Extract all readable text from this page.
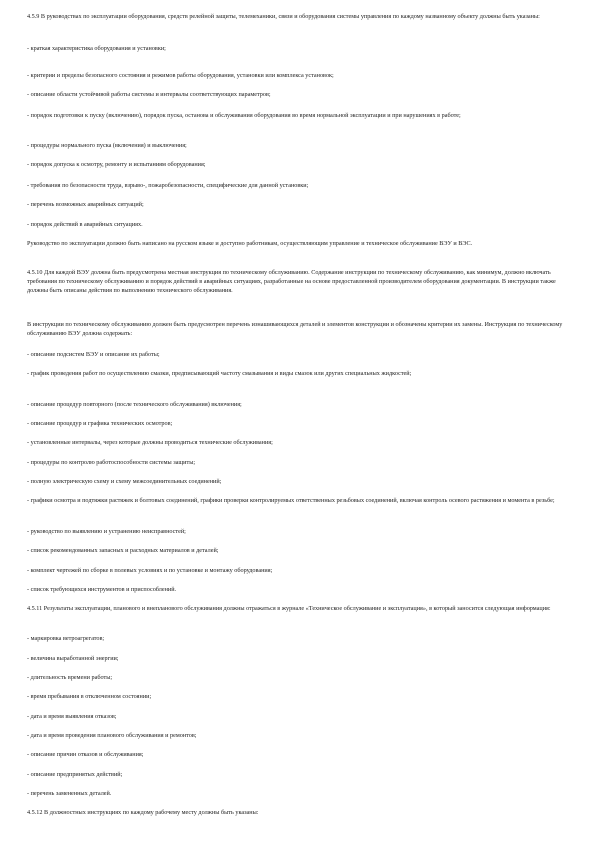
4.5.9 В руководствах по эксплуатации оборудования, средств релейной защиты, телемеханики, связи и оборудования системы управления по каждому названному объекту должны быть указаны:

- краткая характеристика оборудования и установки;

- критерии и пределы безопасного состояния и режимов работы оборудования, установки или комплекса установок;

- описание области устойчивой работы системы и интервалы соответствующих параметров;

- порядок подготовки к пуску (включению), порядок пуска, останова и обслуживания оборудования во время нормальной эксплуатации и при нарушениях в работе;

- процедуры нормального пуска (включения) и выключения;

- порядок допуска к осмотру, ремонту и испытаниям оборудования;

- требования по безопасности труда, взрыво-, пожаробезопасности, специфические для данной установки;

- перечень возможных аварийных ситуаций;

- порядок действий в аварийных ситуациях.

Руководство по эксплуатации должно быть написано на русском языке и доступно работникам, осуществляющим управление и техническое обслуживание ВЭУ и ВЭС.

4.5.10 Для каждой ВЭУ должна быть предусмотрена местная инструкция по техническому обслуживанию. Содержание инструкции по техническому обслуживанию, как минимум, должно включать требования по техническому обслуживанию и порядок действий в аварийных ситуациях, разработанные на основе предоставленной производителем оборудования документации. В инструкции также должны быть описаны действия по выполнению технического обслуживания.

В инструкции по техническому обслуживанию должен быть предусмотрен перечень изнашивающихся деталей и элементов конструкции и обозначены критерии их замены. Инструкция по техническому обслуживанию ВЭУ должна содержать:

- описание подсистем ВЭУ и описание их работы;

- график проведения работ по осуществлению смазки, предписывающий частоту смазывания и виды смазок или других специальных жидкостей;

- описание процедур повторного (после технического обслуживания) включения;

- описание процедур и графика технических осмотров;

- установленные интервалы, через которые должны проводиться технические обслуживания;

- процедуры по контролю работоспособности системы защиты;

- полную электрическую схему и схему межсоединительных соединений;

- графики осмотра и подтяжки растяжек и болтовых соединений, графики проверки контролируемых ответственных резьбовых соединений, включая контроль осевого растяжения и момента в резьбе;

- руководство по выявлению и устранению неисправностей;

- список рекомендованных запасных и расходных материалов и деталей;

- комплект чертежей по сборке в полевых условиях и по установке и монтажу оборудования;

- список требующихся инструментов и приспособлений.

4.5.11 Результаты эксплуатации, планового и внепланового обслуживания должны отражаться в журнале «Техническое обслуживание и эксплуатация», в который заносится следующая информация:

- маркировка ветроагрегатов;

- величина выработанной энергии;

- длительность времени работы;

- время пребывания в отключенном состоянии;

- дата и время выявления отказов;

- дата и время проведения планового обслуживания и ремонтов;

- описание причин отказов и обслуживания;

- описание предпринятых действий;

- перечень замененных деталей.

4.5.12 В должностных инструкциях по каждому рабочему месту должны быть указаны:
